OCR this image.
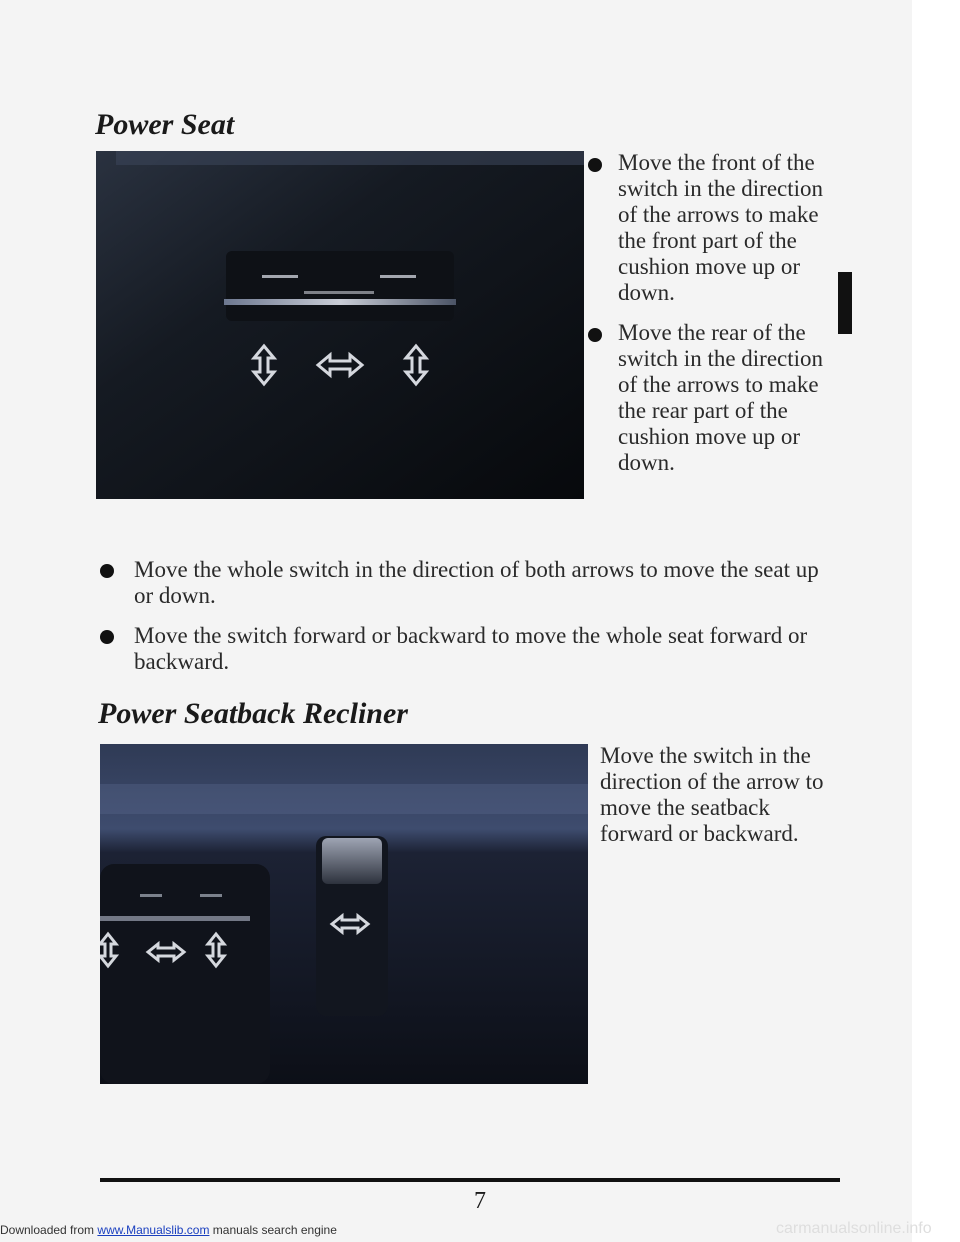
Power Seat
Move the front of the switch in the direction of the arrows to make the front part of the cushion move up or down.
Move the rear of the switch in the direction of the arrows to make the rear part of the cushion move up or down.
Move the whole switch in the direction of both arrows to move the seat up or down.
Move the switch forward or backward to move the whole seat forward or backward.
Power Seatback Recliner

Move the switch in the direction of the arrow to move the seatback forward or backward.

7
Downloaded from www.Manualslib.com manuals search engine	carmanualsonline.info
